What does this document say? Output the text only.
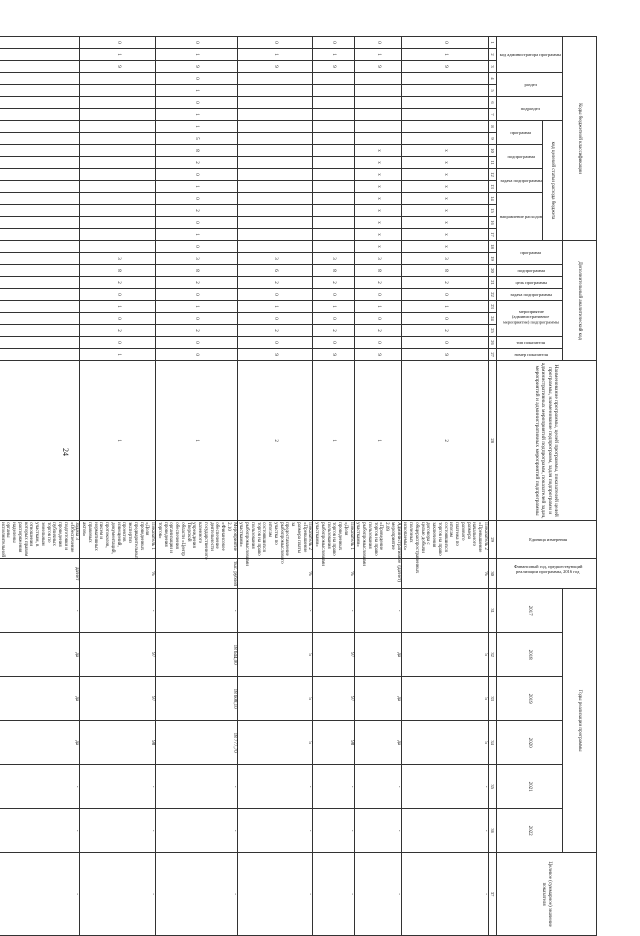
24
Коды бюджетной классификации																	Дополнительный аналитический код										Наименование программы, целей программы, показателей целей программы, наименование подпрограмм, задач подпрограмм и административных мероприятий подпрограмм, показателей задач, мероприятий и административных мероприятий подпрограммы	Единица измерения	Финансовый год, предшествующий реализации программы, 2016 год	Годы реализации программы						Целевое (суммарное) значение показателя	
код администратора программы			раздел		подраздел		код целевой статьи расхода бюджета										программа		подпрограмма	цель программы	задача подпрограммы	мероприятие (административное мероприятие) подпрограммы			тип показателя	номер показателя				2017	2018	2019	2020	2021	2022		
							программа		подпрограмма		задача подпрограммы		направление расходов																								
1	2	3	4	5	6	7	8	9	10	11	12	13	14	15	16	17	18	19	20	21	22	23	24	25	26	27	28	29	30	31	32	33	34	35	36	37	
0	1	9							x	x	x	x	x	x	x	x	x	3	8	2	0	1	0	2	0	9	2	Показатель 2 «Превышение начального размера разового платежа по итогам состоявшихся торгов на право заключения договора с целью добычи общераспространенных полезных ископаемых»	%		5	5	5	-	-	-	
0	1	9							x	x	x	x	x	x	x	x	x	3	8	2	0	1	0	2	0	9	1	Административное мероприятие 2.09 «Проведение торгов на право пользования рыбопромысловыми участками»	(да/нет)	-	да	да	да	-	-	-	
0	1	9																3	8	2	0	1	0	2	0	9	1	Показатель 1 «Доля проведенных торгов на право пользования рыбопромысловыми участками»	%	-	97	97	98	-	-	-	
0	1	9																3	6	2	0	1	0	2	0	9	2	Показатель 2 «Превышение размера платы за предоставление рыбопромыслового участка по итогам состоявшихся торгов на право пользования рыбопромысловыми участками»	%	-	5	5	5	-	-	-	
0	1	9	0	1	0	1	1	5	8	2	0	1	0	2	0	1	0	3	8	2	0	1	0	2	0	0	1	Мероприятие 2.10 «Финансовое обеспечение деятельности государственного казенного учреждения Тверской области «Центр обеспечения организации и проведения торгов»	тыс. рублей	-	18 644,00	18 608,10	18 777,70	-	-	-	
0	1	9																3	8	2	0	1	0	2	0	1	1	Показатель 1 «Доля проведенных предварительных экспертиз проектов извещений, документаций, протоколов, писем и нормативных правовых актов»	%	-	97	97	98	-	-	-	
																												Задача 3 «Обеспечение подготовки и проведения публичных торгов по земельным участкам, в отношении которых правом распоряжения наделены органы исполнительной	да/нет	-	да	да	да	-	-	-	
